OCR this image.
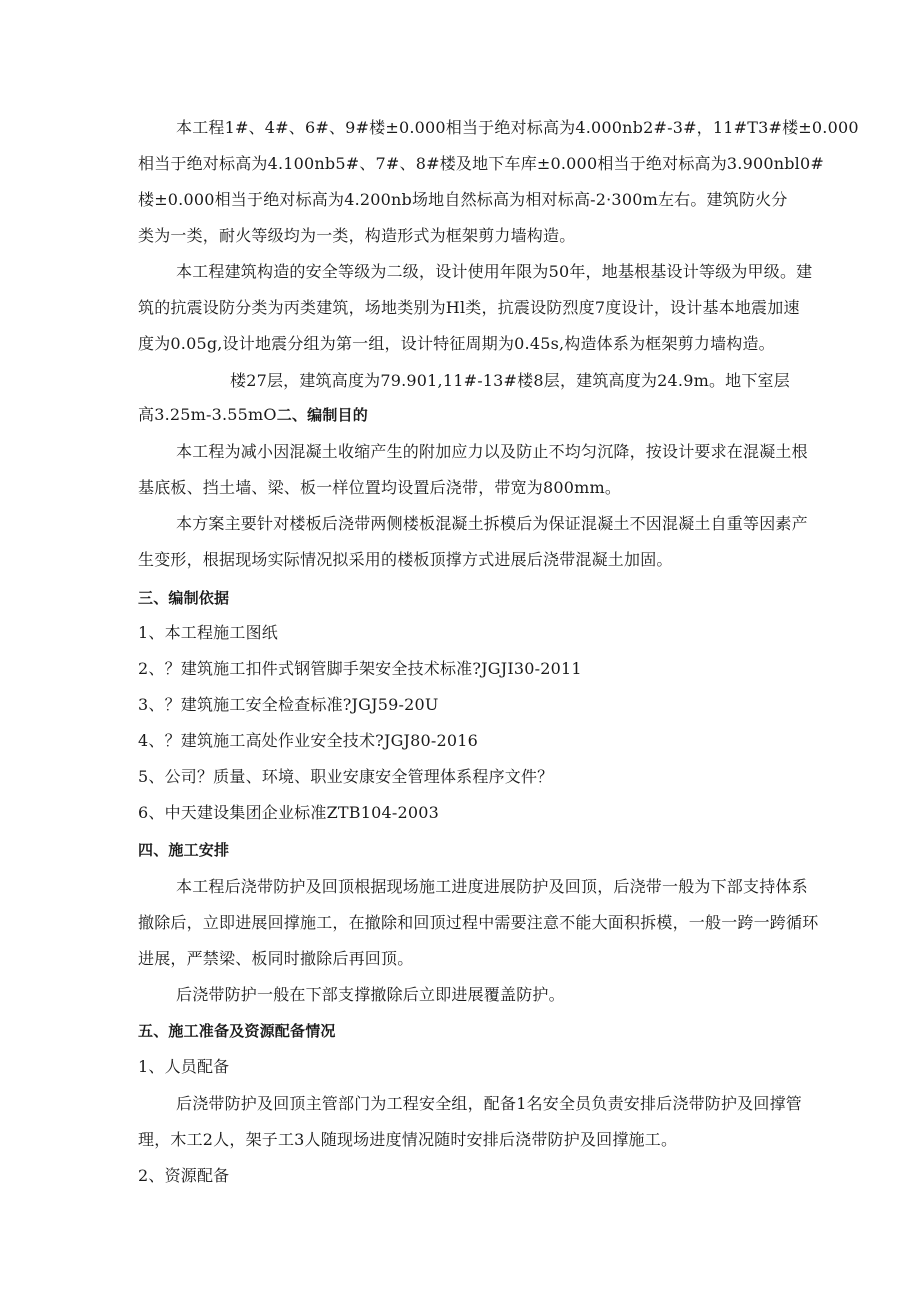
本工程1#、4#、6#、9#楼±0.000相当于绝对标高为4.000nb2#-3#，11#T3#楼±0.000
相当于绝对标高为4.100nb5#、7#、8#楼及地下车库±0.000相当于绝对标高为3.900nbl0#
楼±0.000相当于绝对标高为4.200nb场地自然标高为相对标高-2·300m左右。建筑防火分
类为一类，耐火等级均为一类，构造形式为框架剪力墙构造。
本工程建筑构造的安全等级为二级，设计使用年限为50年，地基根基设计等级为甲级。建
筑的抗震设防分类为丙类建筑，场地类别为Hl类，抗震设防烈度7度设计，设计基本地震加速
度为0.05g,设计地震分组为第一组，设计特征周期为0.45s,构造体系为框架剪力墙构造。
楼27层，建筑高度为79.901,11#-13#楼8层，建筑高度为24.9m。地下室层
高3.25m-3.55mO二、编制目的
本工程为减小因混凝土收缩产生的附加应力以及防止不均匀沉降，按设计要求在混凝土根
基底板、挡土墙、梁、板一样位置均设置后浇带，带宽为800mm。
本方案主要针对楼板后浇带两侧楼板混凝土拆模后为保证混凝土不因混凝土自重等因素产
生变形，根据现场实际情况拟采用的楼板顶撑方式进展后浇带混凝土加固。
三、编制依据
1、本工程施工图纸
2、？建筑施工扣件式钢管脚手架安全技术标准?JGJI30-2011
3、？建筑施工安全检查标准?JGJ59-20U
4、？建筑施工高处作业安全技术?JGJ80-2016
5、公司？质量、环境、职业安康安全管理体系程序文件？
6、中天建设集团企业标准ZTB104-2003
四、施工安排
本工程后浇带防护及回顶根据现场施工进度进展防护及回顶，后浇带一般为下部支持体系
撤除后，立即进展回撑施工，在撤除和回顶过程中需要注意不能大面积拆模，一般一跨一跨循环
进展，严禁梁、板同时撤除后再回顶。
后浇带防护一般在下部支撑撤除后立即进展覆盖防护。
五、施工准备及资源配备情况
1、人员配备
后浇带防护及回顶主管部门为工程安全组，配备1名安全员负责安排后浇带防护及回撑管
理，木工2人，架子工3人随现场进度情况随时安排后浇带防护及回撑施工。
2、资源配备
